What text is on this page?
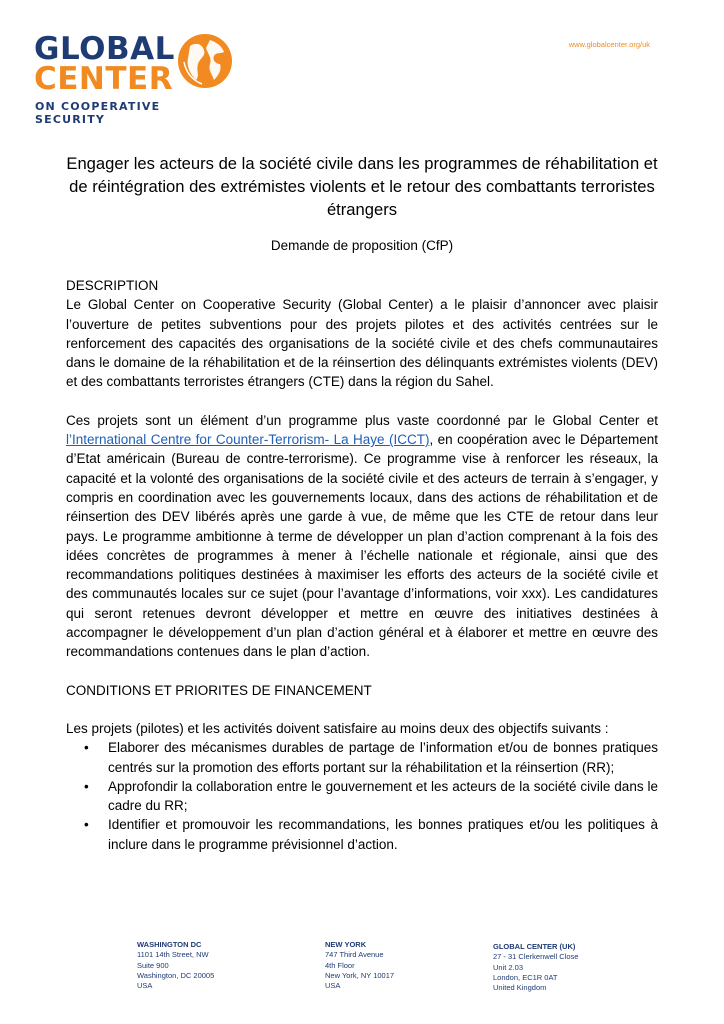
GLOBAL
CENTER
ON COOPERATIVE SECURITY
www.globalcenter.org/uk
Engager les acteurs de la société civile dans les programmes de réhabilitation et de réintégration des extrémistes violents et le retour des combattants terroristes étrangers
Demande de proposition (CfP)
DESCRIPTION

Le Global Center on Cooperative Security (Global Center) a le plaisir d’annoncer avec plaisir l’ouverture de petites subventions pour des projets pilotes et des activités centrées sur le renforcement des capacités des organisations de la société civile et des chefs communautaires dans le domaine de la réhabilitation et de la réinsertion des délinquants extrémistes violents (DEV) et des combattants terroristes étrangers (CTE) dans la région du Sahel.

Ces projets sont un élément d’un programme plus vaste coordonné par le Global Center et l’International Centre for Counter-Terrorism- La Haye (ICCT), en coopération avec le Département d’Etat américain (Bureau de contre-terrorisme). Ce programme vise à renforcer les réseaux, la capacité et la volonté des organisations de la société civile et des acteurs de terrain à s’engager, y compris en coordination avec les gouvernements locaux, dans des actions de réhabilitation et de réinsertion des DEV libérés après une garde à vue, de même que les CTE de retour dans leur pays. Le programme ambitionne à terme de développer un plan d’action comprenant à la fois des idées concrètes de programmes à mener à l’échelle nationale et régionale, ainsi que des recommandations politiques destinées à maximiser les efforts des acteurs de la société civile et des communautés locales sur ce sujet (pour l’avantage d’informations, voir xxx). Les candidatures qui seront retenues devront développer et mettre en œuvre des initiatives destinées à accompagner le développement d’un plan d’action général et à élaborer et mettre en œuvre des recommandations contenues dans le plan d’action.

CONDITIONS ET PRIORITES DE FINANCEMENT

Les projets (pilotes) et les activités doivent satisfaire au moins deux des objectifs suivants :

• Elaborer des mécanismes durables de partage de l’information et/ou de bonnes pratiques centrés sur la promotion des efforts portant sur la réhabilitation et la réinsertion (RR);
• Approfondir la collaboration entre le gouvernement et les acteurs de la société civile dans le cadre du RR;
• Identifier et promouvoir les recommandations, les bonnes pratiques et/ou les politiques à inclure dans le programme prévisionnel d’action.
WASHINGTON DC
1101 14th Street, NW
Suite 900
Washington, DC 20005
USA
NEW YORK
747 Third Avenue
4th Floor
New York, NY 10017
USA
GLOBAL CENTER (UK)
27 - 31 Clerkenwell Close
Unit 2.03
London, EC1R 0AT
United Kingdom
